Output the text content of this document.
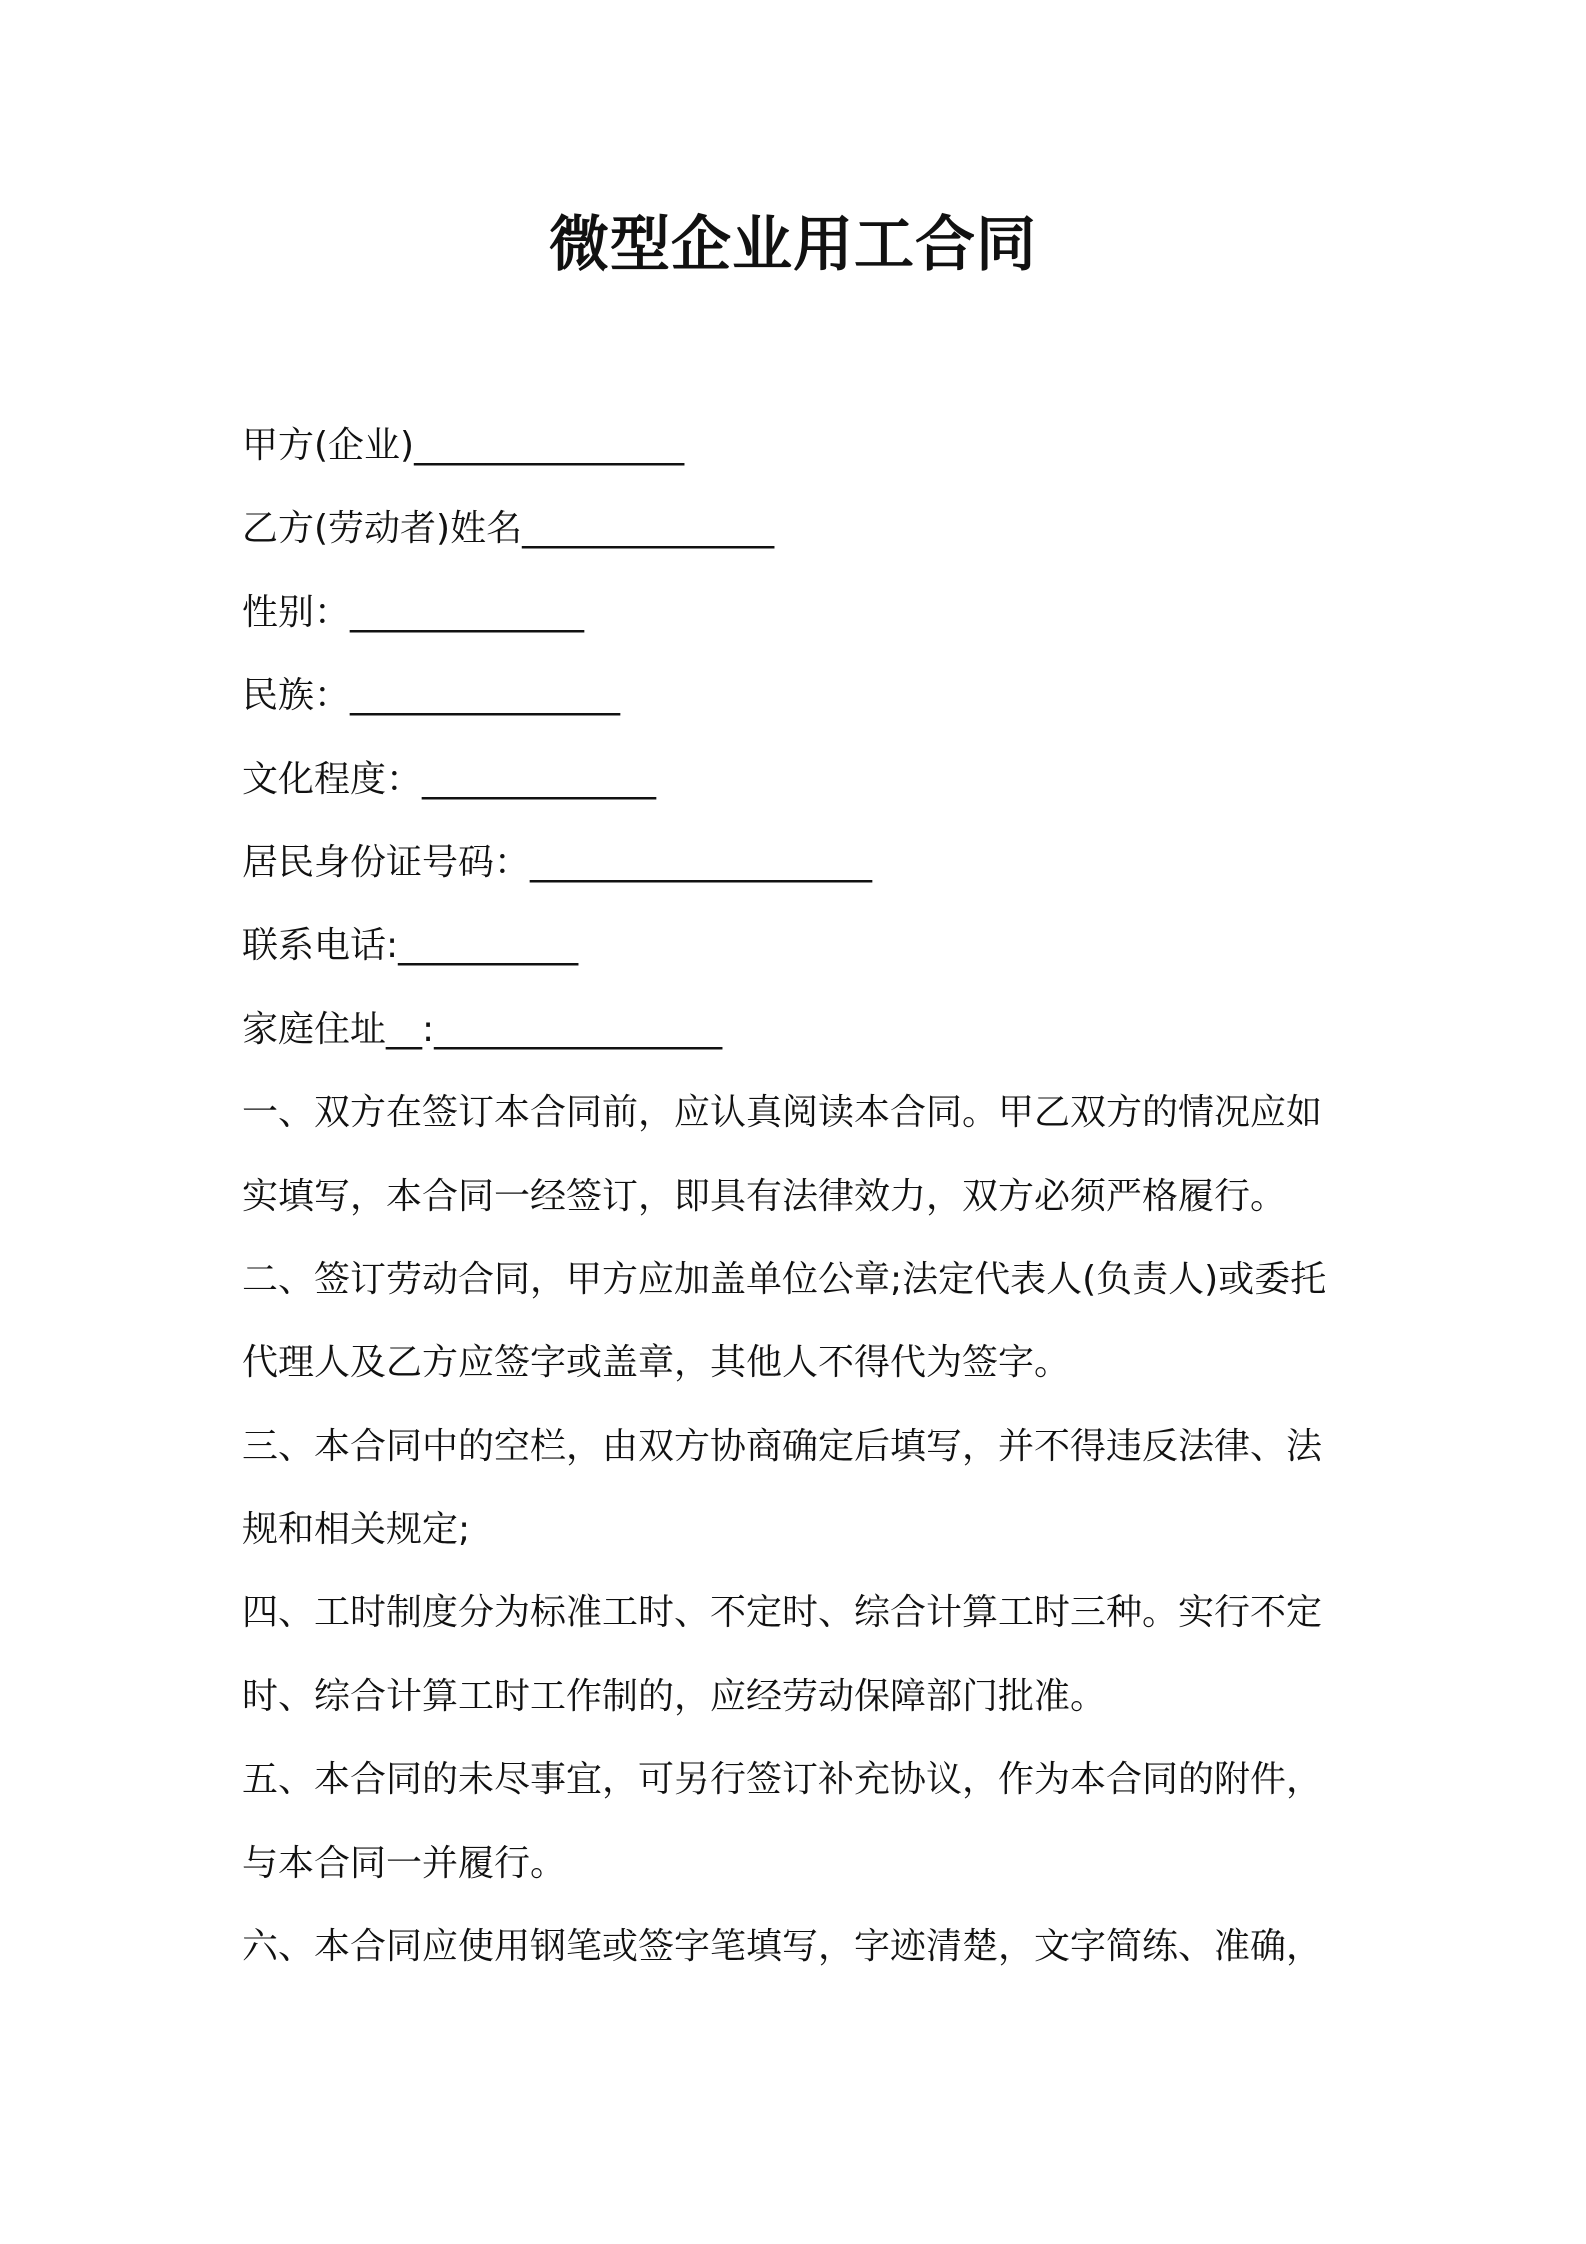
微型企业用工合同
甲方(企业)_______________
乙方(劳动者)姓名______________
性别：_____________
民族：_______________
文化程度：_____________
居民身份证号码：___________________
联系电话:__________
家庭住址__:________________
一、双方在签订本合同前，应认真阅读本合同。甲乙双方的情况应如
实填写，本合同一经签订，即具有法律效力，双方必须严格履行。
二、签订劳动合同，甲方应加盖单位公章;法定代表人(负责人)或委托
代理人及乙方应签字或盖章，其他人不得代为签字。
三、本合同中的空栏，由双方协商确定后填写，并不得违反法律、法
规和相关规定;
四、工时制度分为标准工时、不定时、综合计算工时三种。实行不定
时、综合计算工时工作制的，应经劳动保障部门批准。
五、本合同的未尽事宜，可另行签订补充协议，作为本合同的附件，
与本合同一并履行。
六、本合同应使用钢笔或签字笔填写，字迹清楚，文字简练、准确，
